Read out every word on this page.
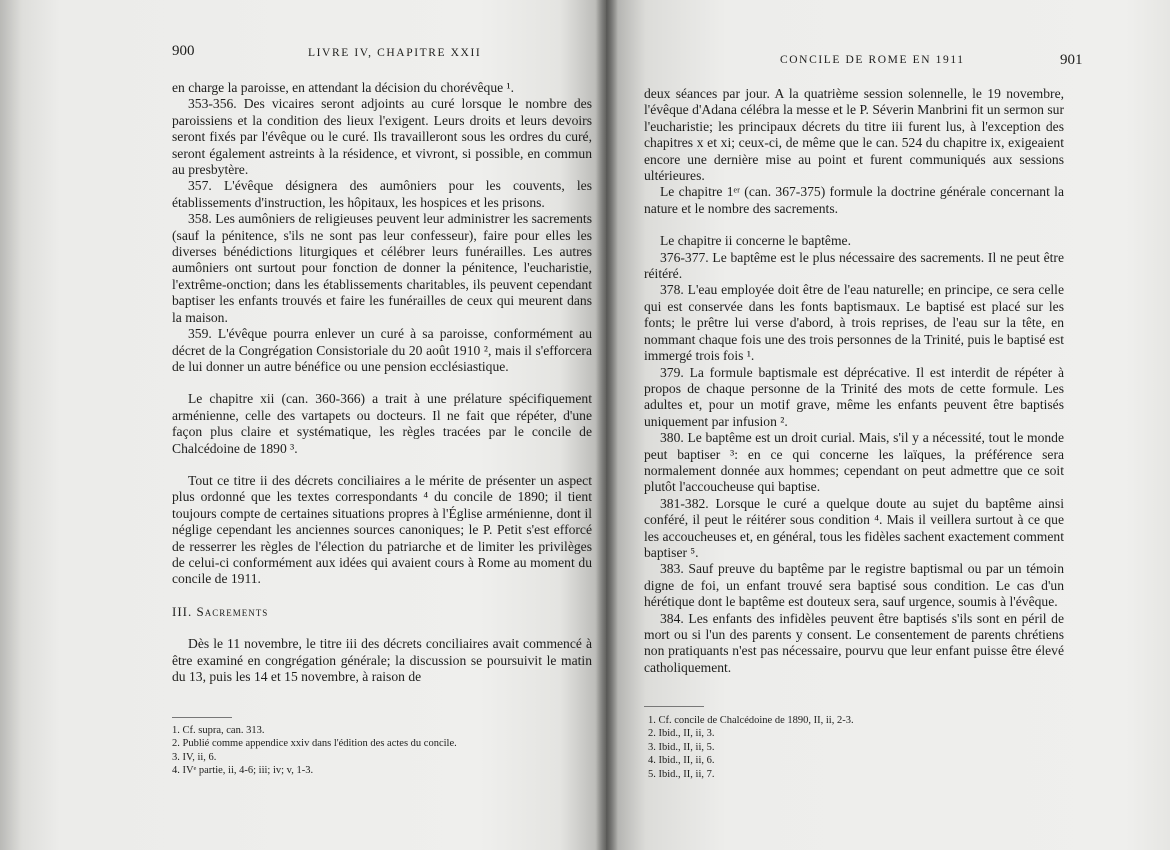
900	LIVRE IV, CHAPITRE XXII

en charge la paroisse, en attendant la décision du chorévêque ¹.

353-356. Des vicaires seront adjoints au curé lorsque le nombre des paroissiens et la condition des lieux l'exigent. Leurs droits et leurs devoirs seront fixés par l'évêque ou le curé. Ils travailleront sous les ordres du curé, seront également astreints à la résidence, et vivront, si possible, en commun au presbytère.

357. L'évêque désignera des aumôniers pour les couvents, les établissements d'instruction, les hôpitaux, les hospices et les prisons.

358. Les aumôniers de religieuses peuvent leur administrer les sacrements (sauf la pénitence, s'ils ne sont pas leur confesseur), faire pour elles les diverses bénédictions liturgiques et célébrer leurs funérailles. Les autres aumôniers ont surtout pour fonction de donner la pénitence, l'eucharistie, l'extrême-onction; dans les établissements charitables, ils peuvent cependant baptiser les enfants trouvés et faire les funérailles de ceux qui meurent dans la maison.

359. L'évêque pourra enlever un curé à sa paroisse, conformément au décret de la Congrégation Consistoriale du 20 août 1910 ², mais il s'efforcera de lui donner un autre bénéfice ou une pension ecclésiastique.

Le chapitre xii (can. 360-366) a trait à une prélature spécifiquement arménienne, celle des vartapets ou docteurs. Il ne fait que répéter, d'une façon plus claire et systématique, les règles tracées par le concile de Chalcédoine de 1890 ³.

Tout ce titre ii des décrets conciliaires a le mérite de présenter un aspect plus ordonné que les textes correspondants ⁴ du concile de 1890; il tient toujours compte de certaines situations propres à l'Église arménienne, dont il néglige cependant les anciennes sources canoniques; le P. Petit s'est efforcé de resserrer les règles de l'élection du patriarche et de limiter les privilèges de celui-ci conformément aux idées qui avaient cours à Rome au moment du concile de 1911.

III. Sacrements

Dès le 11 novembre, le titre iii des décrets conciliaires avait commencé à être examiné en congrégation générale; la discussion se poursuivit le matin du 13, puis les 14 et 15 novembre, à raison de

1. Cf. supra, can. 313.
2. Publié comme appendice xxiv dans l'édition des actes du concile.
3. IV, ii, 6.
4. IVᵉ partie, ii, 4-6; iii; iv; v, 1-3.
CONCILE DE ROME EN 1911	901

deux séances par jour. A la quatrième session solennelle, le 19 novembre, l'évêque d'Adana célébra la messe et le P. Séverin Manbrini fit un sermon sur l'eucharistie; les principaux décrets du titre iii furent lus, à l'exception des chapitres x et xi; ceux-ci, de même que le can. 524 du chapitre ix, exigeaient encore une dernière mise au point et furent communiqués aux sessions ultérieures.

Le chapitre 1ᵉʳ (can. 367-375) formule la doctrine générale concernant la nature et le nombre des sacrements.

Le chapitre ii concerne le baptême.

376-377. Le baptême est le plus nécessaire des sacrements. Il ne peut être réitéré.

378. L'eau employée doit être de l'eau naturelle; en principe, ce sera celle qui est conservée dans les fonts baptismaux. Le baptisé est placé sur les fonts; le prêtre lui verse d'abord, à trois reprises, de l'eau sur la tête, en nommant chaque fois une des trois personnes de la Trinité, puis le baptisé est immergé trois fois ¹.

379. La formule baptismale est déprécative. Il est interdit de répéter à propos de chaque personne de la Trinité des mots de cette formule. Les adultes et, pour un motif grave, même les enfants peuvent être baptisés uniquement par infusion ².

380. Le baptême est un droit curial. Mais, s'il y a nécessité, tout le monde peut baptiser ³: en ce qui concerne les laïques, la préférence sera normalement donnée aux hommes; cependant on peut admettre que ce soit plutôt l'accoucheuse qui baptise.

381-382. Lorsque le curé a quelque doute au sujet du baptême ainsi conféré, il peut le réitérer sous condition ⁴. Mais il veillera surtout à ce que les accoucheuses et, en général, tous les fidèles sachent exactement comment baptiser ⁵.

383. Sauf preuve du baptême par le registre baptismal ou par un témoin digne de foi, un enfant trouvé sera baptisé sous condition. Le cas d'un hérétique dont le baptême est douteux sera, sauf urgence, soumis à l'évêque.

384. Les enfants des infidèles peuvent être baptisés s'ils sont en péril de mort ou si l'un des parents y consent. Le consentement de parents chrétiens non pratiquants n'est pas nécessaire, pourvu que leur enfant puisse être élevé catholiquement.

1. Cf. concile de Chalcédoine de 1890, II, ii, 2-3.
2. Ibid., II, ii, 3.
3. Ibid., II, ii, 5.
4. Ibid., II, ii, 6.
5. Ibid., II, ii, 7.
